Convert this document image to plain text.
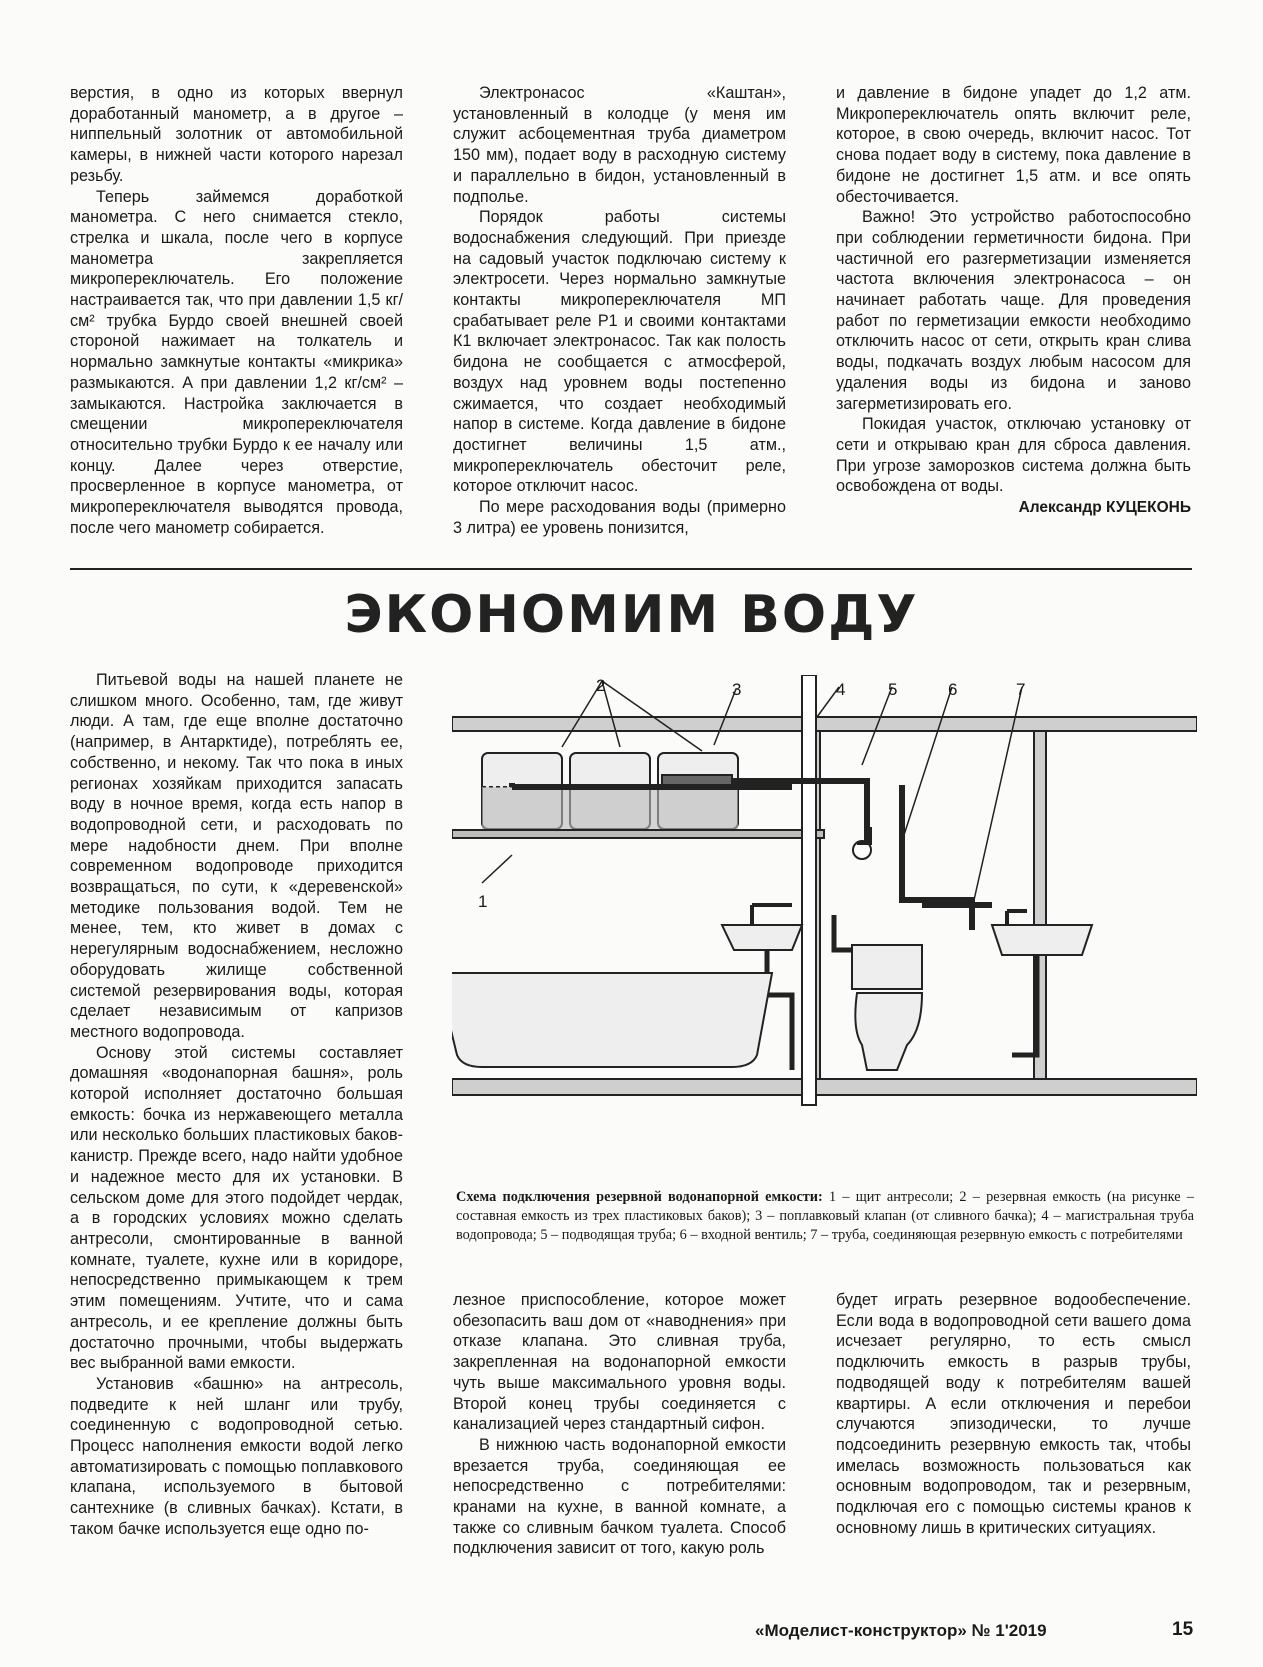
верстия, в одно из которых ввернул доработанный манометр, а в другое – ниппельный золотник от автомобильной камеры, в нижней части которого нарезал резьбу.

Теперь займемся доработкой манометра. С него снимается стекло, стрелка и шкала, после чего в корпусе манометра закрепляется микропереключатель. Его положение настраивается так, что при давлении 1,5 кг/см² трубка Бурдо своей внешней своей стороной нажимает на толкатель и нормально замкнутые контакты «микрика» размыкаются. А при давлении 1,2 кг/см² – замыкаются. Настройка заключается в смещении микропереключателя относительно трубки Бурдо к ее началу или концу. Далее через отверстие, просверленное в корпусе манометра, от микропереключателя выводятся провода, после чего манометр собирается.

Электронасос «Каштан», установленный в колодце (у меня им служит асбоцементная труба диаметром 150 мм), подает воду в расходную систему и параллельно в бидон, установленный в подполье.

Порядок работы системы водоснабжения следующий. При приезде на садовый участок подключаю систему к электросети. Через нормально замкнутые контакты микропереключателя МП срабатывает реле Р1 и своими контактами К1 включает электронасос. Так как полость бидона не сообщается с атмосферой, воздух над уровнем воды постепенно сжимается, что создает необходимый напор в системе. Когда давление в бидоне достигнет величины 1,5 атм., микропереключатель обесточит реле, которое отключит насос.

По мере расходования воды (примерно 3 литра) ее уровень понизится,

и давление в бидоне упадет до 1,2 атм. Микропереключатель опять включит реле, которое, в свою очередь, включит насос. Тот снова подает воду в систему, пока давление в бидоне не достигнет 1,5 атм. и все опять обесточивается.

Важно! Это устройство работоспособно при соблюдении герметичности бидона. При частичной его разгерметизации изменяется частота включения электронасоса – он начинает работать чаще. Для проведения работ по герметизации емкости необходимо отключить насос от сети, открыть кран слива воды, подкачать воздух любым насосом для удаления воды из бидона и заново загерметизировать его.

Покидая участок, отключаю установку от сети и открываю кран для сброса давления. При угрозе заморозков система должна быть освобождена от воды.

Александр КУЦЕКОНЬ
ЭКОНОМИМ ВОДУ

Питьевой воды на нашей планете не слишком много. Особенно, там, где живут люди. А там, где еще вполне достаточно (например, в Антарктиде), потреблять ее, собственно, и некому. Так что пока в иных регионах хозяйкам приходится запасать воду в ночное время, когда есть напор в водопроводной сети, и расходовать по мере надобности днем. При вполне современном водопроводе приходится возвращаться, по сути, к «деревенской» методике пользования водой. Тем не менее, тем, кто живет в домах с нерегулярным водоснабжением, несложно оборудовать жилище собственной системой резервирования воды, которая сделает независимым от капризов местного водопровода.

Основу этой системы составляет домашняя «водонапорная башня», роль которой исполняет достаточно большая емкость: бочка из нержавеющего металла или несколько больших пластиковых баков-канистр. Прежде всего, надо найти удобное и надежное место для их установки. В сельском доме для этого подойдет чердак, а в городских условиях можно сделать антресоли, смонтированные в ванной комнате, туалете, кухне или в коридоре, непосредственно примыкающем к трем этим помещениям. Учтите, что и сама антресоль, и ее крепление должны быть достаточно прочными, чтобы выдержать вес выбранной вами емкости.

Установив «башню» на антресоль, подведите к ней шланг или трубу, соединенную с водопроводной сетью. Процесс наполнения емкости водой легко автоматизировать с помощью поплавкового клапана, используемого в бытовой сантехнике (в сливных бачках). Кстати, в таком бачке используется еще одно по-

лезное приспособление, которое может обезопасить ваш дом от «наводнения» при отказе клапана. Это сливная труба, закрепленная на водонапорной емкости чуть выше максимального уровня воды. Второй конец трубы соединяется с канализацией через стандартный сифон.

В нижнюю часть водонапорной емкости врезается труба, соединяющая ее непосредственно с потребителями: кранами на кухне, в ванной комнате, а также со сливным бачком туалета. Способ подключения зависит от того, какую роль

будет играть резервное водообеспечение. Если вода в водопроводной сети вашего дома исчезает регулярно, то есть смысл подключить емкость в разрыв трубы, подводящей воду к потребителям вашей квартиры. А если отключения и перебои случаются эпизодически, то лучше подсоединить резервную емкость так, чтобы имелась возможность пользоваться как основным водопроводом, так и резервным, подключая его с помощью системы кранов к основному лишь в критических ситуациях.

2	3	4	5	6	7
1
Схема подключения резервной водонапорной емкости: 1 – щит антресоли; 2 – резервная емкость (на рисунке – составная емкость из трех пластиковых баков); 3 – поплавковый клапан (от сливного бачка); 4 – магистральная труба водопровода; 5 – подводящая труба; 6 – входной вентиль; 7 – труба, соединяющая резервную емкость с потребителями
«Моделист-конструктор» № 1'2019	15
